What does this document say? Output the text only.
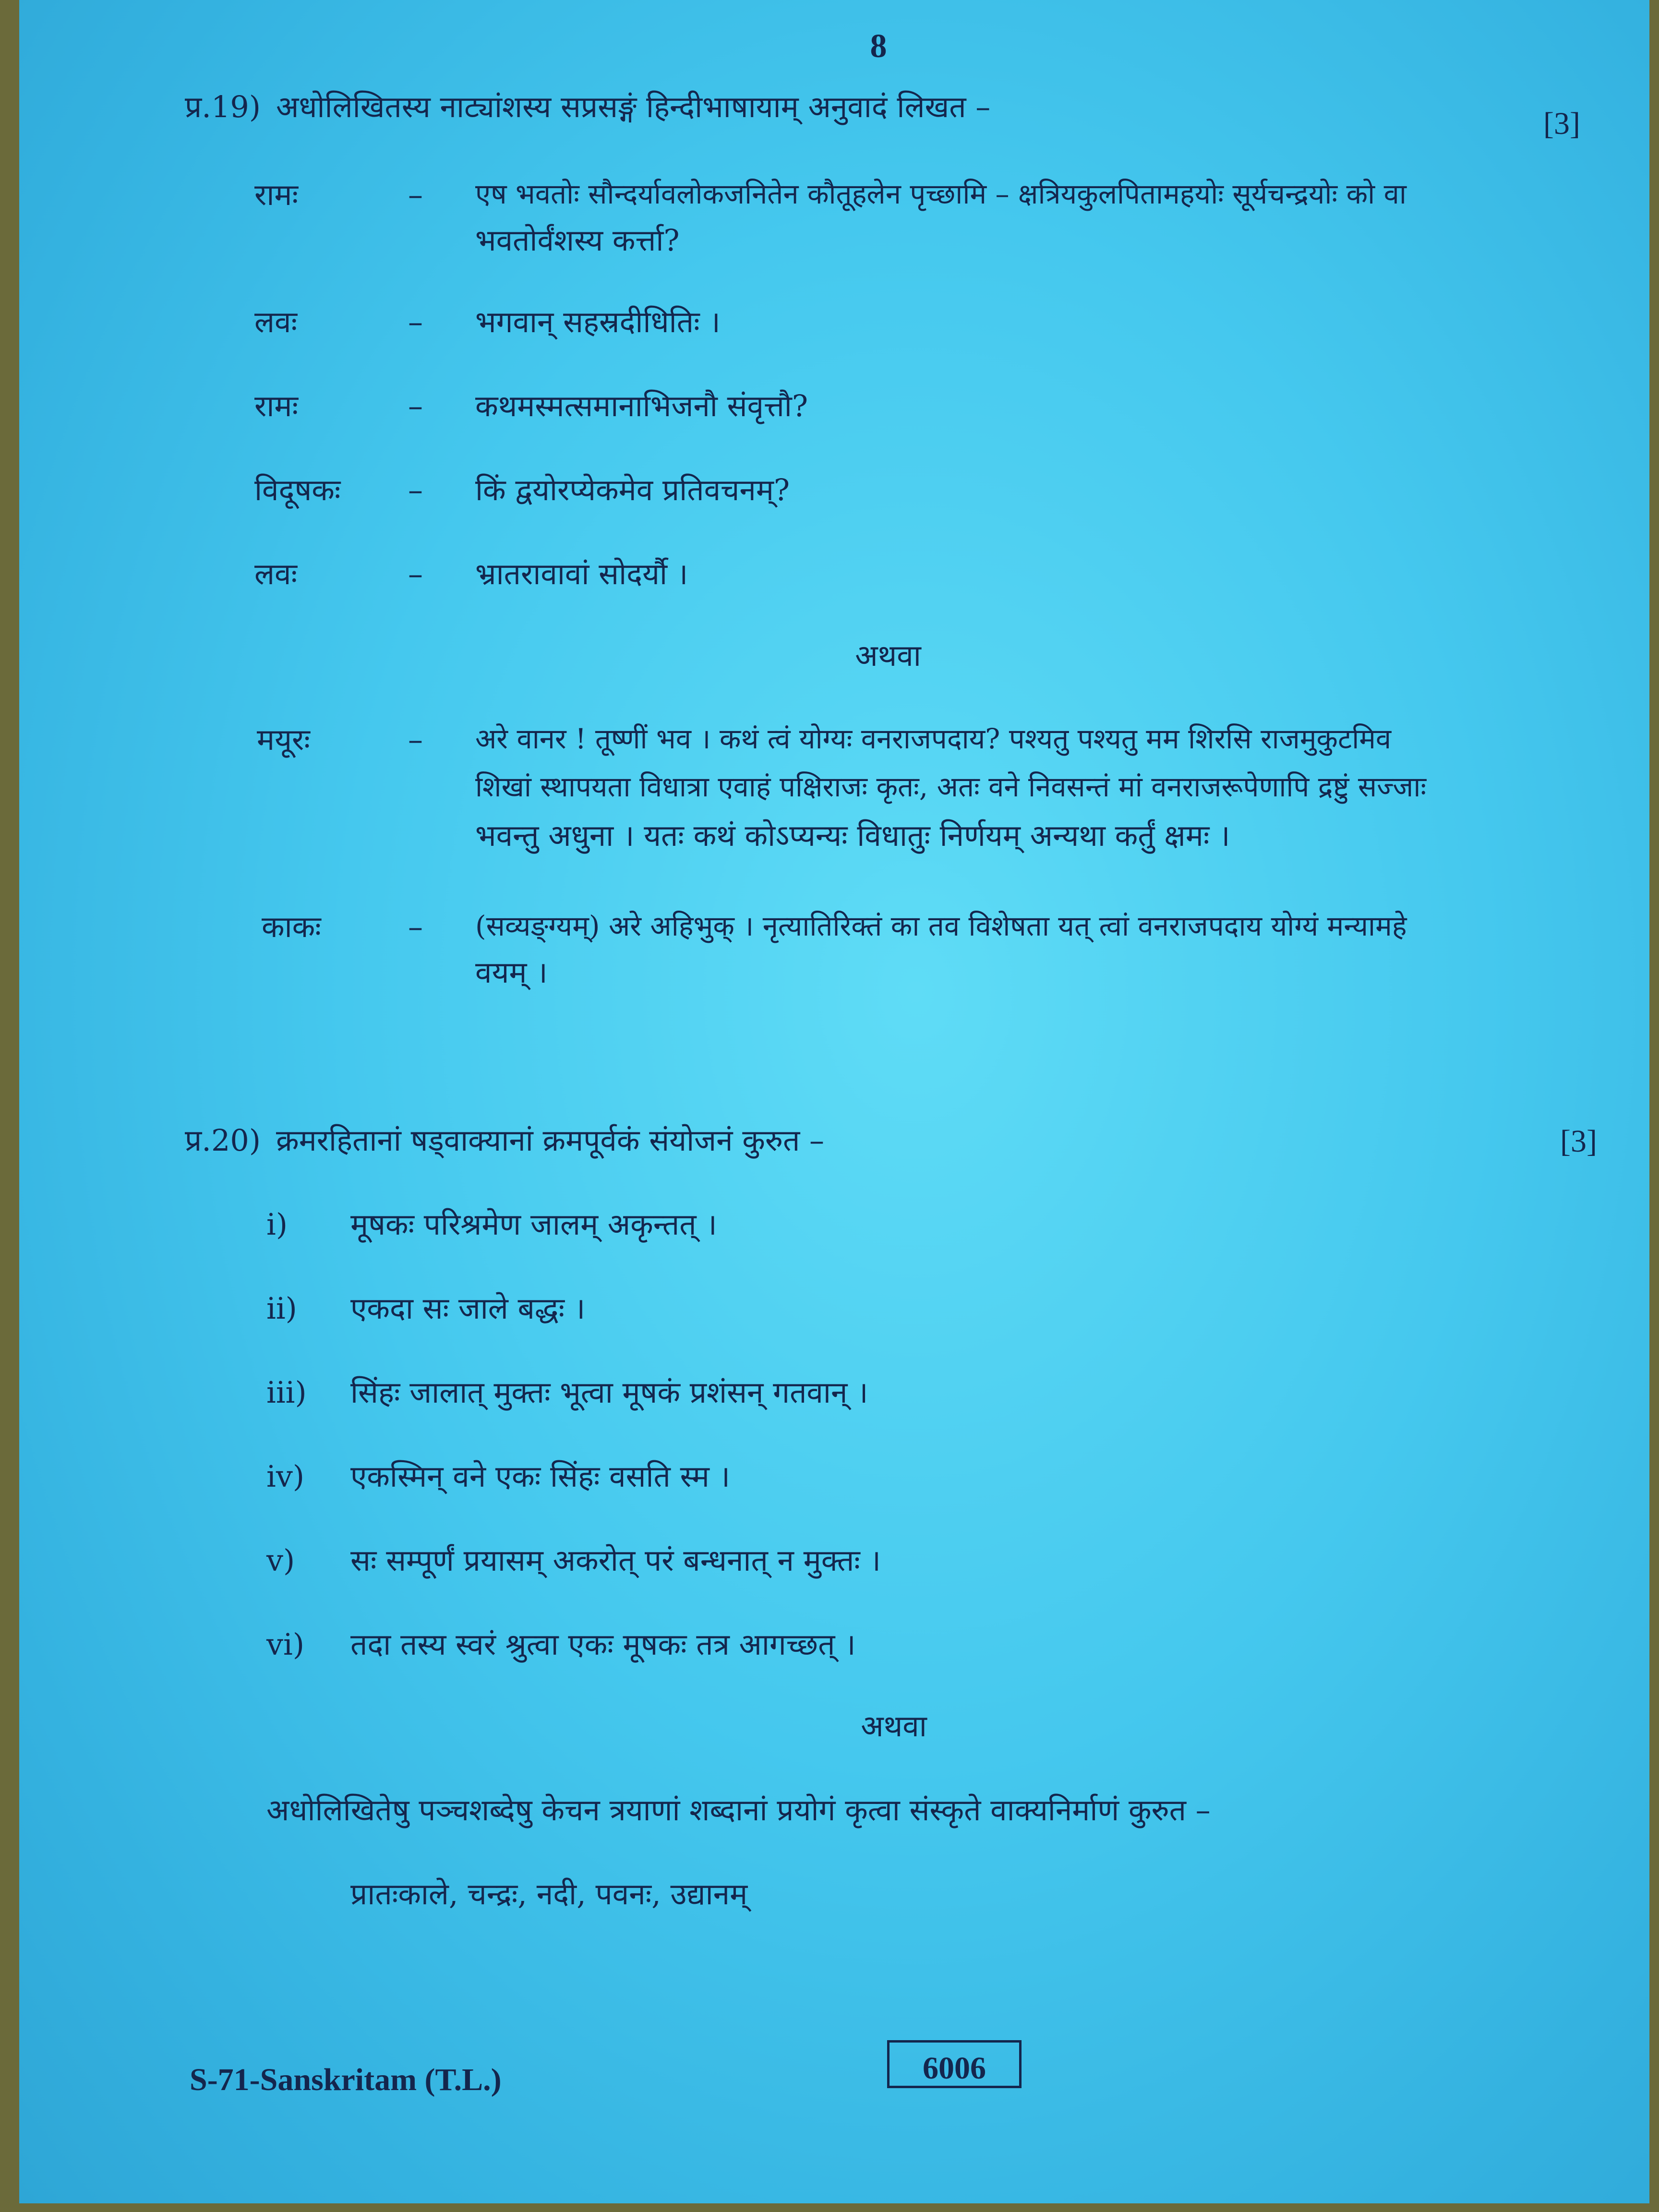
8
प्र.19) अधोलिखितस्य नाट्यांशस्य सप्रसङ्गं हिन्दीभाषायाम् अनुवादं लिखत –	[3]
रामः	– एष भवतोः सौन्दर्यावलोकजनितेन कौतूहलेन पृच्छामि – क्षत्रियकुलपितामहयोः सूर्यचन्द्रयोः को वा
भवतोर्वंशस्य कर्त्ता?
लवः	– भगवान् सहस्रदीधितिः ।
रामः	– कथमस्मत्समानाभिजनौ संवृत्तौ?
विदूषकः – किं द्वयोरप्येकमेव प्रतिवचनम्?
लवः	– भ्रातरावावां सोदर्यौ ।
अथवा
मयूरः	– अरे वानर ! तूष्णीं भव । कथं त्वं योग्यः वनराजपदाय? पश्यतु पश्यतु मम शिरसि राजमुकुटमिव
शिखां स्थापयता विधात्रा एवाहं पक्षिराजः कृतः, अतः वने निवसन्तं मां वनराजरूपेणापि द्रष्टुं सज्जाः
भवन्तु अधुना । यतः कथं कोऽप्यन्यः विधातुः निर्णयम् अन्यथा कर्तुं क्षमः ।
काकः	– (सव्यङ्ग्यम्) अरे अहिभुक् । नृत्यातिरिक्तं का तव विशेषता यत् त्वां वनराजपदाय योग्यं मन्यामहे
वयम् ।
प्र.20) क्रमरहितानां षड्वाक्यानां क्रमपूर्वकं संयोजनं कुरुत –	[3]
i) मूषकः परिश्रमेण जालम् अकृन्तत् ।
ii) एकदा सः जाले बद्धः ।
iii) सिंहः जालात् मुक्तः भूत्वा मूषकं प्रशंसन् गतवान् ।
iv) एकस्मिन् वने एकः सिंहः वसति स्म ।
v) सः सम्पूर्णं प्रयासम् अकरोत् परं बन्धनात् न मुक्तः ।
vi) तदा तस्य स्वरं श्रुत्वा एकः मूषकः तत्र आगच्छत् ।
अथवा
अधोलिखितेषु पञ्चशब्देषु केचन त्रयाणां शब्दानां प्रयोगं कृत्वा संस्कृते वाक्यनिर्माणं कुरुत –
प्रातःकाले, चन्द्रः, नदी, पवनः, उद्यानम्
S-71-Sanskritam (T.L.)	6006
